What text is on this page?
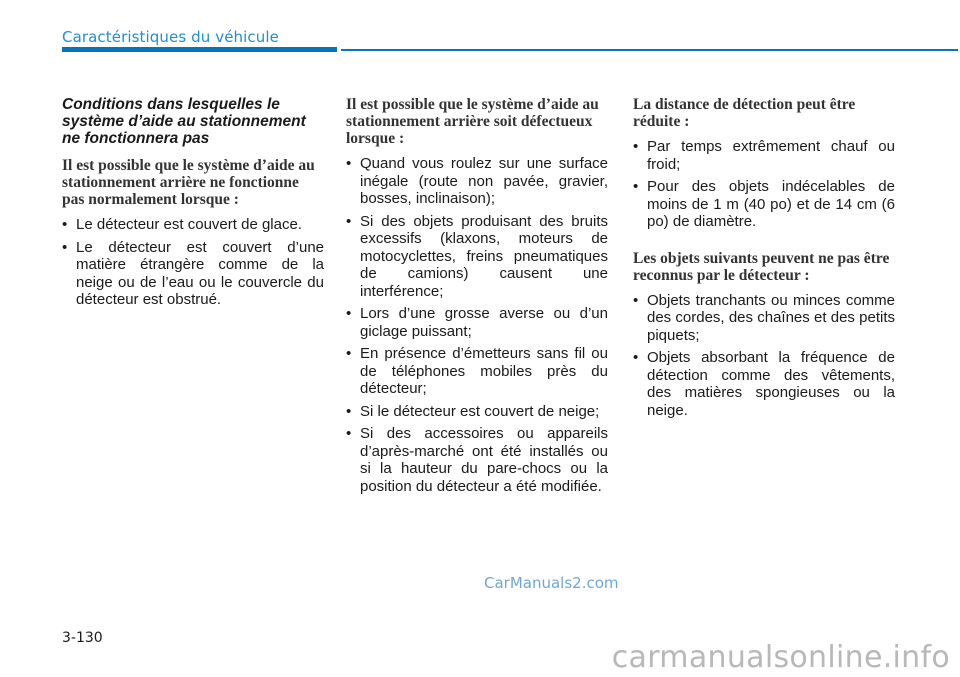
Caractéristiques du véhicule

Conditions dans lesquelles le système d’aide au stationnement ne fonctionnera pas

Il est possible que le système d’aide au stationnement arrière ne fonctionne pas normalement lorsque :

• Le détecteur est couvert de glace.
• Le détecteur est couvert d’une matière étrangère comme de la neige ou de l’eau ou le couvercle du détecteur est obstrué.

Il est possible que le système d’aide au stationnement arrière soit défectueux lorsque :

• Quand vous roulez sur une surface inégale (route non pavée, gravier, bosses, inclinaison);
• Si des objets produisant des bruits excessifs (klaxons, moteurs de motocyclettes, freins pneumatiques de camions) causent une interférence;
• Lors d’une grosse averse ou d’un giclage puissant;
• En présence d’émetteurs sans fil ou de téléphones mobiles près du détecteur;
• Si le détecteur est couvert de neige;
• Si des accessoires ou appareils d’après-marché ont été installés ou si la hauteur du pare-chocs ou la position du détecteur a été modifiée.

La distance de détection peut être réduite :

• Par temps extrêmement chauf ou froid;
• Pour des objets indécelables de moins de 1 m (40 po) et de 14 cm (6 po) de diamètre.

Les objets suivants peuvent ne pas être reconnus par le détecteur :

• Objets tranchants ou minces comme des cordes, des chaînes et des petits piquets;
• Objets absorbant la fréquence de détection comme des vêtements, des matières spongieuses ou la neige.
CarManuals2.com
3-130
carmanualsonline.info
